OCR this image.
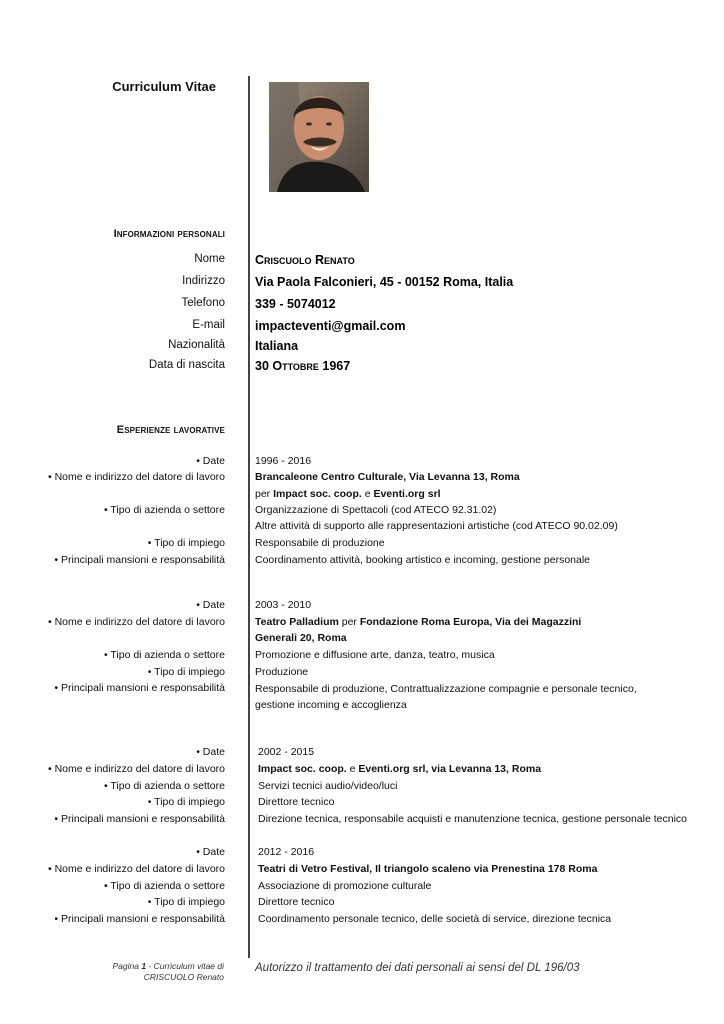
Curriculum Vitae
Informazioni personali
Nome Criscuolo Renato
Indirizzo Via Paola Falconieri, 45 - 00152 Roma, Italia
Telefono 339 - 5074012
E-mail impacteventi@gmail.com
Nazionalità Italiana
Data di nascita 30 Ottobre 1967
Esperienze lavorative
• Date	1996 - 2016
• Nome e indirizzo del datore di lavoro	Brancaleone Centro Culturale, Via Levanna 13, Roma
per Impact soc. coop. e Eventi.org srl
• Tipo di azienda o settore	Organizzazione di Spettacoli (cod ATECO 92.31.02)
Altre attività di supporto alle rappresentazioni artistiche (cod ATECO 90.02.09)
• Tipo di impiego	Responsabile di produzione
• Principali mansioni e responsabilità	Coordinamento attività, booking artistico e incoming, gestione personale
• Date	2003 - 2010
• Nome e indirizzo del datore di lavoro	Teatro Palladium per Fondazione Roma Europa, Via dei Magazzini
Generali 20, Roma
• Tipo di azienda o settore	Promozione e diffusione arte, danza, teatro, musica
• Tipo di impiego	Produzione
• Principali mansioni e responsabilità	Responsabile di produzione, Contrattualizzazione compagnie e personale tecnico, gestione incoming e accoglienza
• Date	2002 - 2015
• Nome e indirizzo del datore di lavoro	Impact soc. coop. e Eventi.org srl, via Levanna 13, Roma
• Tipo di azienda o settore	Servizi tecnici audio/video/luci
• Tipo di impiego	Direttore tecnico
• Principali mansioni e responsabilità	Direzione tecnica, responsabile acquisti e manutenzione tecnica, gestione personale tecnico
• Date	2012 - 2016
• Nome e indirizzo del datore di lavoro	Teatri di Vetro Festival, Il triangolo scaleno via Prenestina 178 Roma
• Tipo di azienda o settore	Associazione di promozione culturale
• Tipo di impiego	Direttore tecnico
• Principali mansioni e responsabilità	Coordinamento personale tecnico, delle società di service, direzione tecnica
Pagina 1 - Curriculum vitae di
CRISCUOLO Renato
Autorizzo il trattamento dei dati personali ai sensi del DL 196/03
